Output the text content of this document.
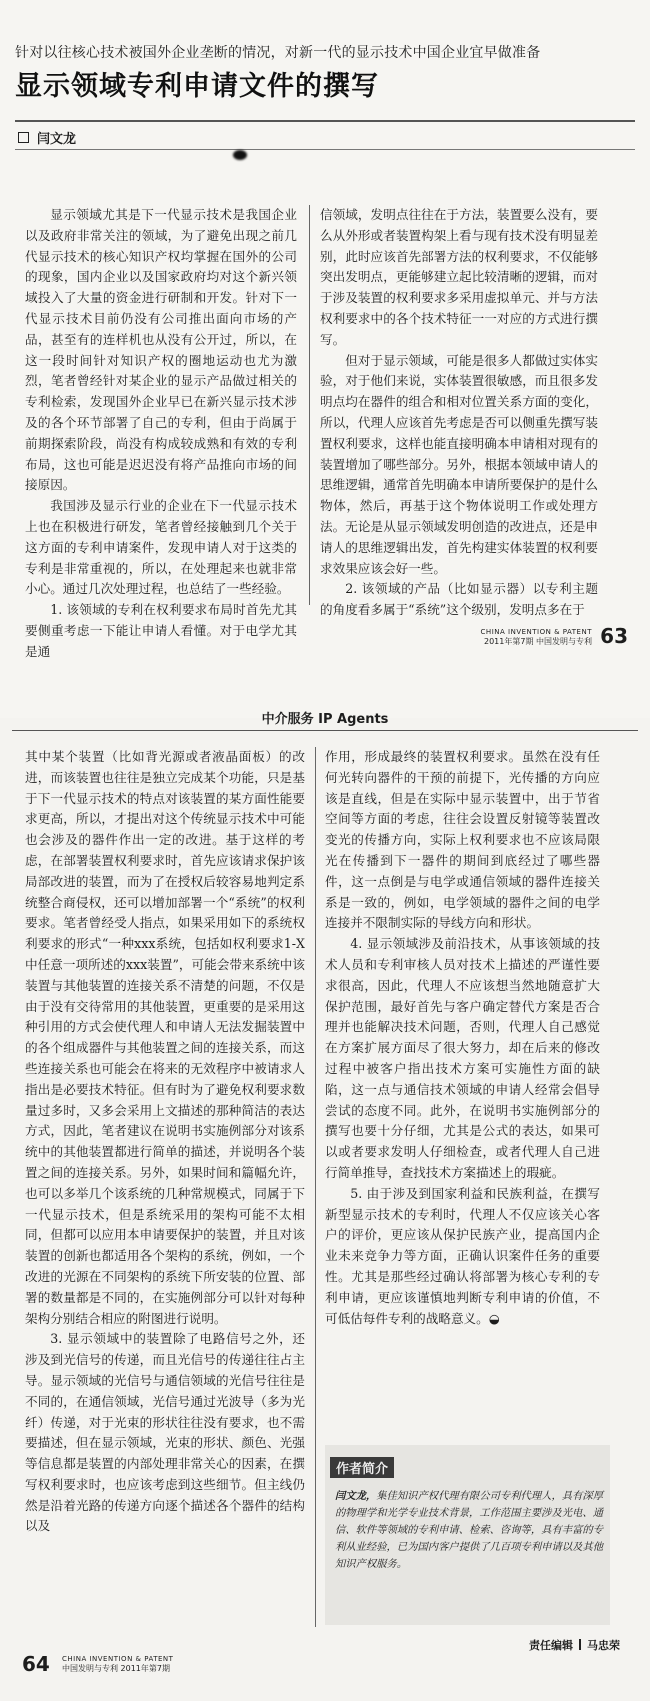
针对以往核心技术被国外企业垄断的情况，对新一代的显示技术中国企业宜早做准备
显示领域专利申请文件的撰写
闫文龙

显示领域尤其是下一代显示技术是我国企业以及政府非常关注的领域，为了避免出现之前几代显示技术的核心知识产权均掌握在国外的公司的现象，国内企业以及国家政府均对这个新兴领域投入了大量的资金进行研制和开发。针对下一代显示技术目前仍没有公司推出面向市场的产品，甚至有的连样机也从没有公开过，所以，在这一段时间针对知识产权的圈地运动也尤为激烈，笔者曾经针对某企业的显示产品做过相关的专利检索，发现国外企业早已在新兴显示技术涉及的各个环节部署了自己的专利，但由于尚属于前期探索阶段，尚没有构成较成熟和有效的专利布局，这也可能是迟迟没有将产品推向市场的间接原因。

我国涉及显示行业的企业在下一代显示技术上也在积极进行研发，笔者曾经接触到几个关于这方面的专利申请案件，发现申请人对于这类的专利是非常重视的，所以，在处理起来也就非常小心。通过几次处理过程，也总结了一些经验。

1. 该领域的专利在权利要求布局时首先尤其要侧重考虑一下能让申请人看懂。对于电学尤其是通

信领域，发明点往往在于方法，装置要么没有，要么从外形或者装置构架上看与现有技术没有明显差别，此时应该首先部署方法的权利要求，不仅能够突出发明点，更能够建立起比较清晰的逻辑，而对于涉及装置的权利要求多采用虚拟单元、并与方法权利要求中的各个技术特征一一对应的方式进行撰写。

但对于显示领域，可能是很多人都做过实体实验，对于他们来说，实体装置很敏感，而且很多发明点均在器件的组合和相对位置关系方面的变化，所以，代理人应该首先考虑是否可以侧重先撰写装置权利要求，这样也能直接明确本申请相对现有的装置增加了哪些部分。另外，根据本领域申请人的思维逻辑，通常首先明确本申请所要保护的是什么物体，然后，再基于这个物体说明工作或处理方法。无论是从显示领域发明创造的改进点，还是申请人的思维逻辑出发，首先构建实体装置的权利要求效果应该会好一些。

2. 该领域的产品（比如显示器）以专利主题的角度看多属于“系统”这个级别，发明点多在于

CHINA INVENTION & PATENT
2011年第7期 中国发明与专利 63
中介服务 IP Agents

其中某个装置（比如背光源或者液晶面板）的改进，而该装置也往往是独立完成某个功能，只是基于下一代显示技术的特点对该装置的某方面性能要求更高，所以，才提出对这个传统显示技术中可能也会涉及的器件作出一定的改进。基于这样的考虑，在部署装置权利要求时，首先应该请求保护该局部改进的装置，而为了在授权后较容易地判定系统整合商侵权，还可以增加部署一个“系统”的权利要求。笔者曾经受人指点，如果采用如下的系统权利要求的形式“一种xxx系统，包括如权利要求1-X中任意一项所述的xxx装置”，可能会带来系统中该装置与其他装置的连接关系不清楚的问题，不仅是由于没有交待常用的其他装置，更重要的是采用这种引用的方式会使代理人和申请人无法发掘装置中的各个组成器件与其他装置之间的连接关系，而这些连接关系也可能会在将来的无效程序中被请求人指出是必要技术特征。但有时为了避免权利要求数量过多时，又多会采用上文描述的那种简洁的表达方式，因此，笔者建议在说明书实施例部分对该系统中的其他装置都进行简单的描述，并说明各个装置之间的连接关系。另外，如果时间和篇幅允许，也可以多举几个该系统的几种常规模式，同属于下一代显示技术，但是系统采用的架构可能不太相同，但都可以应用本申请要保护的装置，并且对该装置的创新也都适用各个架构的系统，例如，一个改进的光源在不同架构的系统下所安装的位置、部署的数量都是不同的，在实施例部分可以针对每种架构分别结合相应的附图进行说明。

3. 显示领域中的装置除了电路信号之外，还涉及到光信号的传递，而且光信号的传递往往占主导。显示领域的光信号与通信领域的光信号往往是不同的，在通信领域，光信号通过光波导（多为光纤）传递，对于光束的形状往往没有要求，也不需要描述，但在显示领域，光束的形状、颜色、光强等信息都是装置的内部处理非常关心的因素，在撰写权利要求时，也应该考虑到这些细节。但主线仍然是沿着光路的传递方向逐个描述各个器件的结构以及

作用，形成最终的装置权利要求。虽然在没有任何光转向器件的干预的前提下，光传播的方向应该是直线，但是在实际中显示装置中，出于节省空间等方面的考虑，往往会设置反射镜等装置改变光的传播方向，实际上权利要求也不应该局限光在传播到下一器件的期间到底经过了哪些器件，这一点倒是与电学或通信领域的器件连接关系是一致的，例如，电学领域的器件之间的电学连接并不限制实际的导线方向和形状。

4. 显示领域涉及前沿技术，从事该领域的技术人员和专利审核人员对技术上描述的严谨性要求很高，因此，代理人不应该想当然地随意扩大保护范围，最好首先与客户确定替代方案是否合理并也能解决技术问题，否则，代理人自己感觉在方案扩展方面尽了很大努力，却在后来的修改过程中被客户指出技术方案可实施性方面的缺陷，这一点与通信技术领域的申请人经常会倡导尝试的态度不同。此外，在说明书实施例部分的撰写也要十分仔细，尤其是公式的表达，如果可以或者要求发明人仔细检查，或者代理人自己进行简单推导，查找技术方案描述上的瑕疵。

5. 由于涉及到国家利益和民族利益，在撰写新型显示技术的专利时，代理人不仅应该关心客户的评价，更应该从保护民族产业，提高国内企业未来竞争力等方面，正确认识案件任务的重要性。尤其是那些经过确认将部署为核心专利的专利申请，更应该谨慎地判断专利申请的价值，不可低估每件专利的战略意义。◒

作者简介
闫文龙，集佳知识产权代理有限公司专利代理人，具有深厚的物理学和光学专业技术背景，工作范围主要涉及光电、通信、软件等领域的专利申请、检索、咨询等，具有丰富的专利从业经验，已为国内客户提供了几百项专利申请以及其他知识产权服务。
责任编辑 马忠荣
64 CHINA INVENTION & PATENT
中国发明与专利 2011年第7期
